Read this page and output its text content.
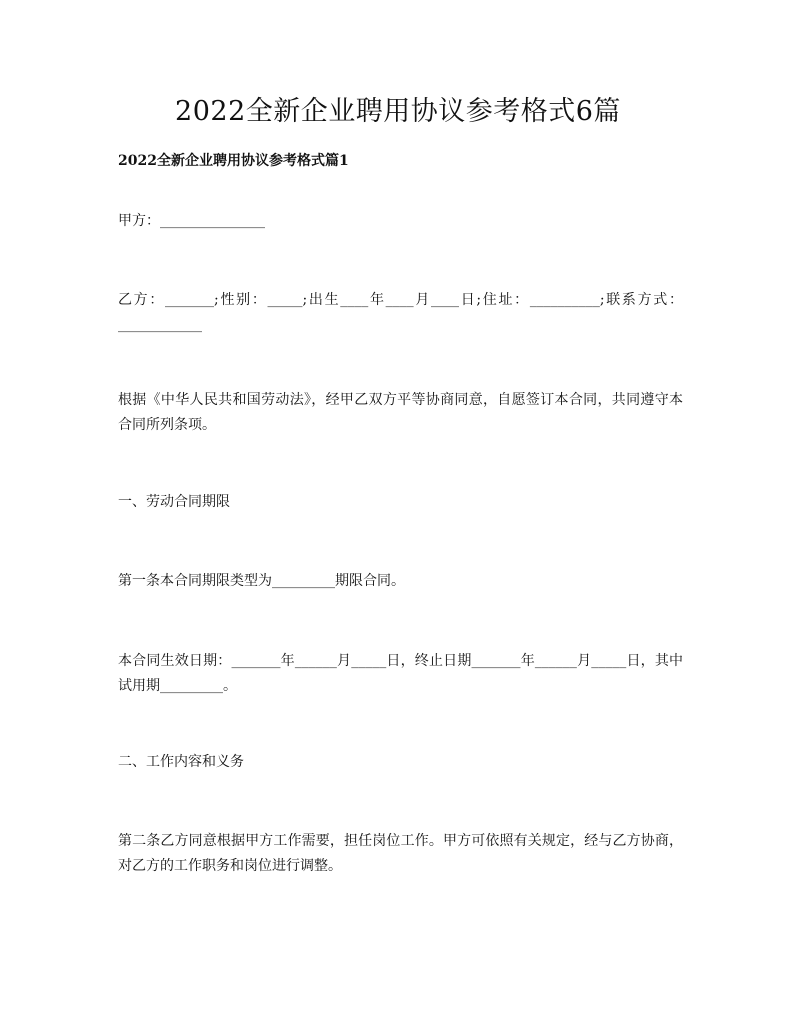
2022全新企业聘用协议参考格式6篇
2022全新企业聘用协议参考格式篇1

甲方：_______________

乙方：_______;性别：_____;出生____年____月____日;住址：__________;联系方式：____________

根据《中华人民共和国劳动法》，经甲乙双方平等协商同意，自愿签订本合同，共同遵守本合同所列条项。

一、劳动合同期限

第一条本合同期限类型为_________期限合同。

本合同生效日期：_______年______月_____日，终止日期_______年______月_____日，其中试用期_________。

二、工作内容和义务

第二条乙方同意根据甲方工作需要，担任岗位工作。甲方可依照有关规定，经与乙方协商，对乙方的工作职务和岗位进行调整。
